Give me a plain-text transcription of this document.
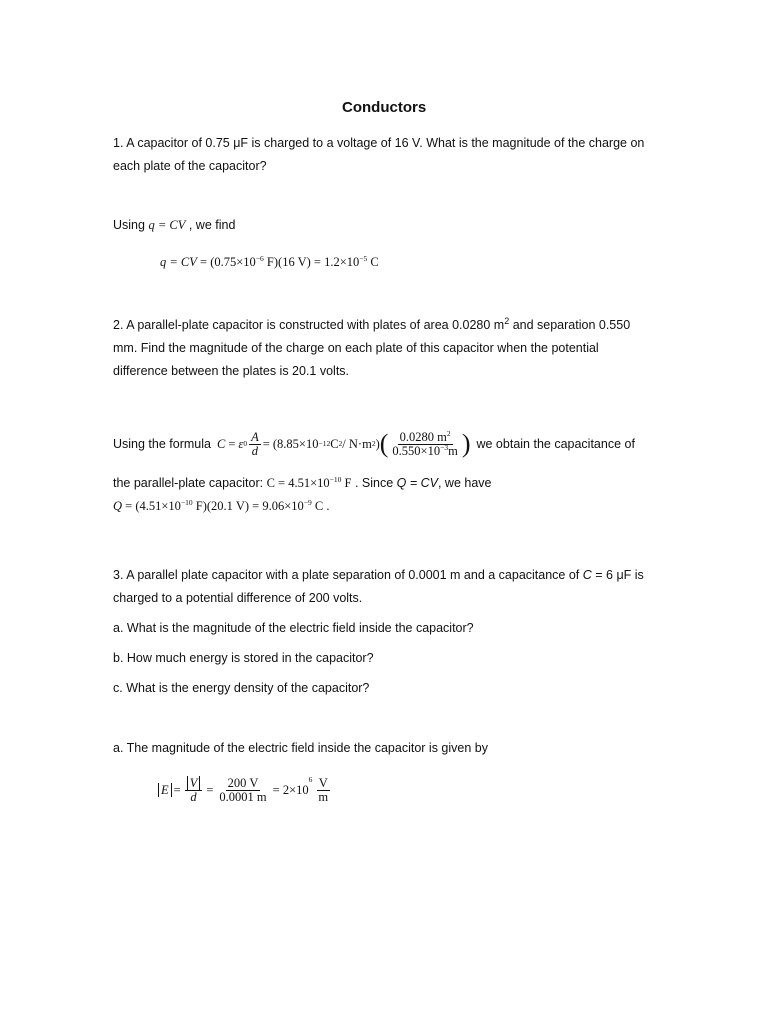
Conductors
1. A capacitor of 0.75 μF is charged to a voltage of 16 V. What is the magnitude of the charge on
each plate of the capacitor?
Using q = CV , we find
q = CV = ($0.75\times 10^{-6}$ F)(16 $V) = 1.2\times 10^{-5}$ C
2. A parallel-plate capacitor is constructed with plates of area 0.0280 $m^2$ and separation 0.550
mm. Find the magnitude of the charge on each plate of this capacitor when the potential
difference between the plates is 20.1 volts.
Using the formula C = ε $0 \frac{A}{d} = (8.85\times 10 -12$ C 2 / N·m 2 ) ( $\frac{0.0280 m^2}{0.550\times 10^{-3}m}$ ) we obtain the capacitance of
the parallel-plate capacitor: $C = 4.51\times 10^{-10}$ F . Since Q = CV, we have
$Q = (4.51\times 10^{-10}$ F)(20.1 $V) = 9.06\times 10^{-9}$ C .
3. A parallel plate capacitor with a plate separation of 0.0001 m and a capacitance of C = 6 μF is
charged to a potential difference of 200 volts.
a. What is the magnitude of the electric field inside the capacitor?
b. How much energy is stored in the capacitor?
c. What is the energy density of the capacitor?
a. The magnitude of the electric field inside the capacitor is given by
$E = \frac{V}{d} = \frac{200 V}{0.0001 m} = 2\times 10$
$6 \frac{V}{m}$
